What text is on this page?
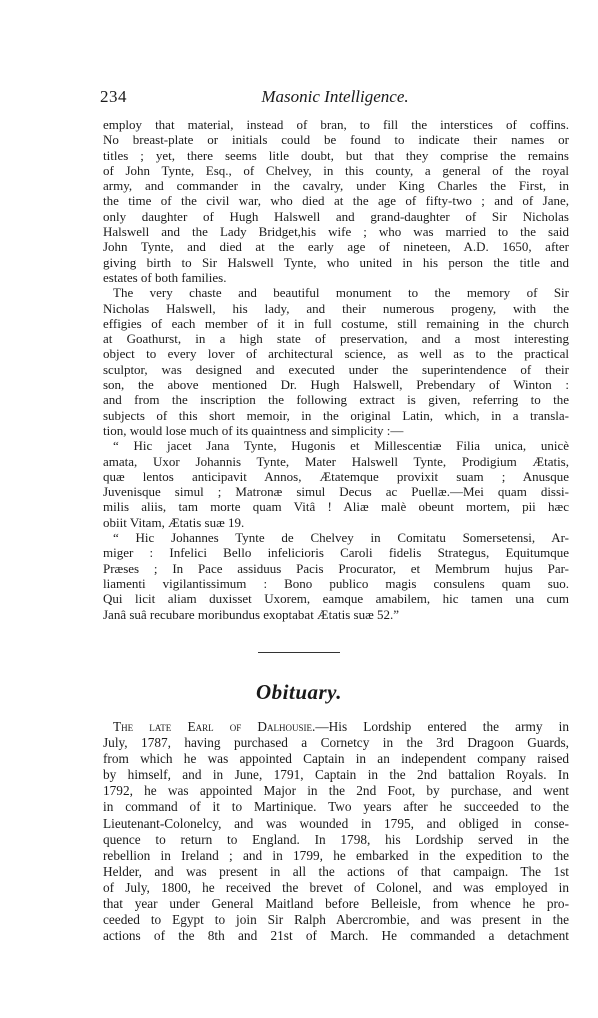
234	Masonic Intelligence.
employ that material, instead of bran, to fill the interstices of coffins.
No breast-plate or initials could be found to indicate their names or
titles ; yet, there seems litle doubt, but that they comprise the remains
of John Tynte, Esq., of Chelvey, in this county, a general of the royal
army, and commander in the cavalry, under King Charles the First, in
the time of the civil war, who died at the age of fifty-two ; and of Jane,
only daughter of Hugh Halswell and grand-daughter of Sir Nicholas
Halswell and the Lady Bridget,his wife ; who was married to the said
John Tynte, and died at the early age of nineteen, A.D. 1650, after
giving birth to Sir Halswell Tynte, who united in his person the title and
estates of both families.
The very chaste and beautiful monument to the memory of Sir
Nicholas Halswell, his lady, and their numerous progeny, with the
effigies of each member of it in full costume, still remaining in the church
at Goathurst, in a high state of preservation, and a most interesting
object to every lover of architectural science, as well as to the practical
sculptor, was designed and executed under the superintendence of their
son, the above mentioned Dr. Hugh Halswell, Prebendary of Winton :
and from the inscription the following extract is given, referring to the
subjects of this short memoir, in the original Latin, which, in a transla-
tion, would lose much of its quaintness and simplicity :—
“ Hic jacet Jana Tynte, Hugonis et Millescentiæ Filia unica, unicè
amata, Uxor Johannis Tynte, Mater Halswell Tynte, Prodigium Ætatis,
quæ lentos anticipavit Annos, Ætatemque provixit suam ; Anusque
Juvenisque simul ; Matronæ simul Decus ac Puellæ.—Mei quam dissi-
milis aliis, tam morte quam Vitâ ! Aliæ malè obeunt mortem, pii hæc
obiit Vitam, Ætatis suæ 19.
“ Hic Johannes Tynte de Chelvey in Comitatu Somersetensi, Ar-
miger : Infelici Bello infelicioris Caroli fidelis Strategus, Equitumque
Præses ; In Pace assiduus Pacis Procurator, et Membrum hujus Par-
liamenti vigilantissimum : Bono publico magis consulens quam suo.
Qui licit aliam duxisset Uxorem, eamque amabilem, hic tamen una cum
Janâ suâ recubare moribundus exoptabat Ætatis suæ 52.”
Obituary.
The late Earl of Dalhousie.—His Lordship entered the army in
July, 1787, having purchased a Cornetcy in the 3rd Dragoon Guards,
from which he was appointed Captain in an independent company raised
by himself, and in June, 1791, Captain in the 2nd battalion Royals. In
1792, he was appointed Major in the 2nd Foot, by purchase, and went
in command of it to Martinique. Two years after he succeeded to the
Lieutenant-Colonelcy, and was wounded in 1795, and obliged in conse-
quence to return to England. In 1798, his Lordship served in the
rebellion in Ireland ; and in 1799, he embarked in the expedition to the
Helder, and was present in all the actions of that campaign. The 1st
of July, 1800, he received the brevet of Colonel, and was employed in
that year under General Maitland before Belleisle, from whence he pro-
ceeded to Egypt to join Sir Ralph Abercrombie, and was present in the
actions of the 8th and 21st of March. He commanded a detachment
